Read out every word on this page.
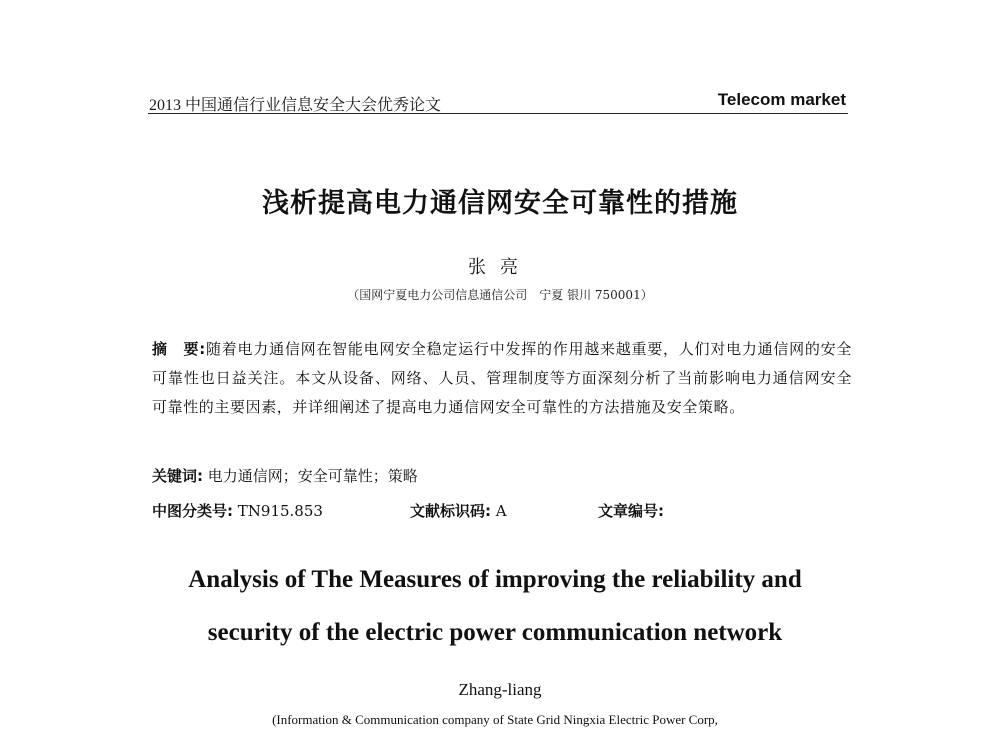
2013 中国通信行业信息安全大会优秀论文	Telecom market
浅析提高电力通信网安全可靠性的措施
张亮
（国网宁夏电力公司信息通信公司　宁夏 银川 750001）
摘　要:随着电力通信网在智能电网安全稳定运行中发挥的作用越来越重要，人们对电力通信网的安全可靠性也日益关注。本文从设备、网络、人员、管理制度等方面深刻分析了当前影响电力通信网安全可靠性的主要因素，并详细阐述了提高电力通信网安全可靠性的方法措施及安全策略。
关键词: 电力通信网；安全可靠性；策略
中图分类号: TN915.853	文献标识码: A	文章编号:
Analysis of The Measures of improving the reliability and
security of the electric power communication network
Zhang-liang
(Information & Communication company of State Grid Ningxia Electric Power Corp,
